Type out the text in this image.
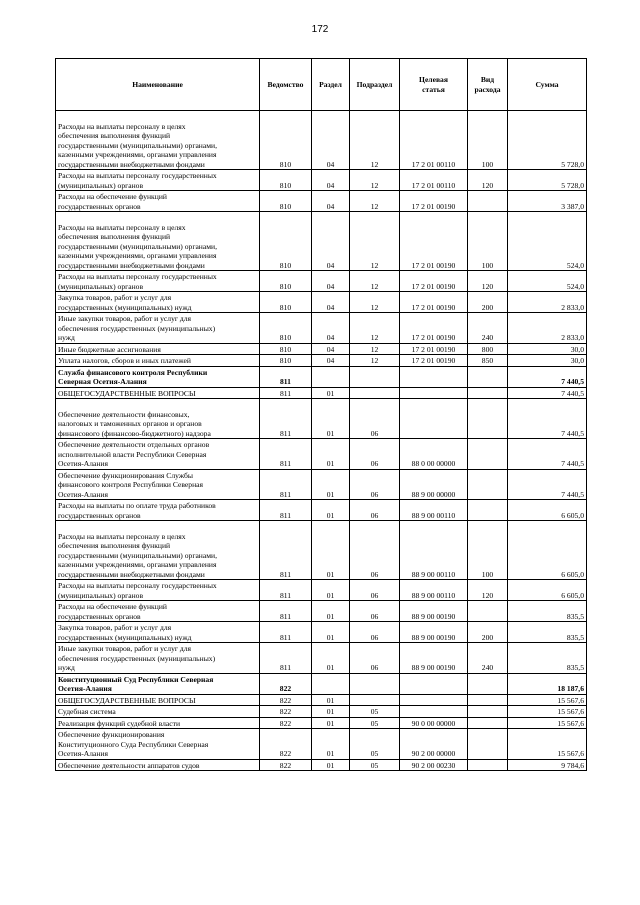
172
Наименование	Ведомство	Раздел	Подраздел	Целевая
статья	Вид
расхода	Сумма
Расходы на выплаты персоналу в целях
обеспечения выполнения функций
государственными (муниципальными) органами,
казенными учреждениями, органами управления
государственными внебюджетными фондами	810	04	12	17 2 01 00110	100	5 728,0
Расходы на выплаты персоналу государственных
(муниципальных) органов	810	04	12	17 2 01 00110	120	5 728,0
Расходы на обеспечение функций
государственных органов	810	04	12	17 2 01 00190		3 387,0
Расходы на выплаты персоналу в целях
обеспечения выполнения функций
государственными (муниципальными) органами,
казенными учреждениями, органами управления
государственными внебюджетными фондами	810	04	12	17 2 01 00190	100	524,0
Расходы на выплаты персоналу государственных
(муниципальных) органов	810	04	12	17 2 01 00190	120	524,0
Закупка товаров, работ и услуг для
государственных (муниципальных) нужд	810	04	12	17 2 01 00190	200	2 833,0
Иные закупки товаров, работ и услуг для
обеспечения государственных (муниципальных)
нужд	810	04	12	17 2 01 00190	240	2 833,0
Иные бюджетные ассигнования	810	04	12	17 2 01 00190	800	30,0
Уплата налогов, сборов и иных платежей	810	04	12	17 2 01 00190	850	30,0
Служба финансового контроля Республики
Северная Осетия-Алания	811					7 440,5
ОБЩЕГОСУДАРСТВЕННЫЕ ВОПРОСЫ	811	01				7 440,5
Обеспечение деятельности финансовых,
налоговых и таможенных органов и органов
финансового (финансово-бюджетного) надзора	811	01	06			7 440,5
Обеспечение деятельности отдельных органов
исполнительной власти Республики Северная
Осетия-Алания	811	01	06	88 0 00 00000		7 440,5
Обеспечение функционирования Службы
финансового контроля Республики Северная
Осетия-Алания	811	01	06	88 9 00 00000		7 440,5
Расходы на выплаты по оплате труда работников
государственных органов	811	01	06	88 9 00 00110		6 605,0
Расходы на выплаты персоналу в целях
обеспечения выполнения функций
государственными (муниципальными) органами,
казенными учреждениями, органами управления
государственными внебюджетными фондами	811	01	06	88 9 00 00110	100	6 605,0
Расходы на выплаты персоналу государственных
(муниципальных) органов	811	01	06	88 9 00 00110	120	6 605,0
Расходы на обеспечение функций
государственных органов	811	01	06	88 9 00 00190		835,5
Закупка товаров, работ и услуг для
государственных (муниципальных) нужд	811	01	06	88 9 00 00190	200	835,5
Иные закупки товаров, работ и услуг для
обеспечения государственных (муниципальных)
нужд	811	01	06	88 9 00 00190	240	835,5
Конституционный Суд Республики Северная
Осетия-Алания	822					18 187,6
ОБЩЕГОСУДАРСТВЕННЫЕ ВОПРОСЫ	822	01				15 567,6
Судебная система	822	01	05			15 567,6
Реализация функций судебной власти	822	01	05	90 0 00 00000		15 567,6
Обеспечение функционирования
Конституционного Суда Республики Северная
Осетия-Алания	822	01	05	90 2 00 00000		15 567,6
Обеспечение деятельности аппаратов судов	822	01	05	90 2 00 00230		9 784,6
